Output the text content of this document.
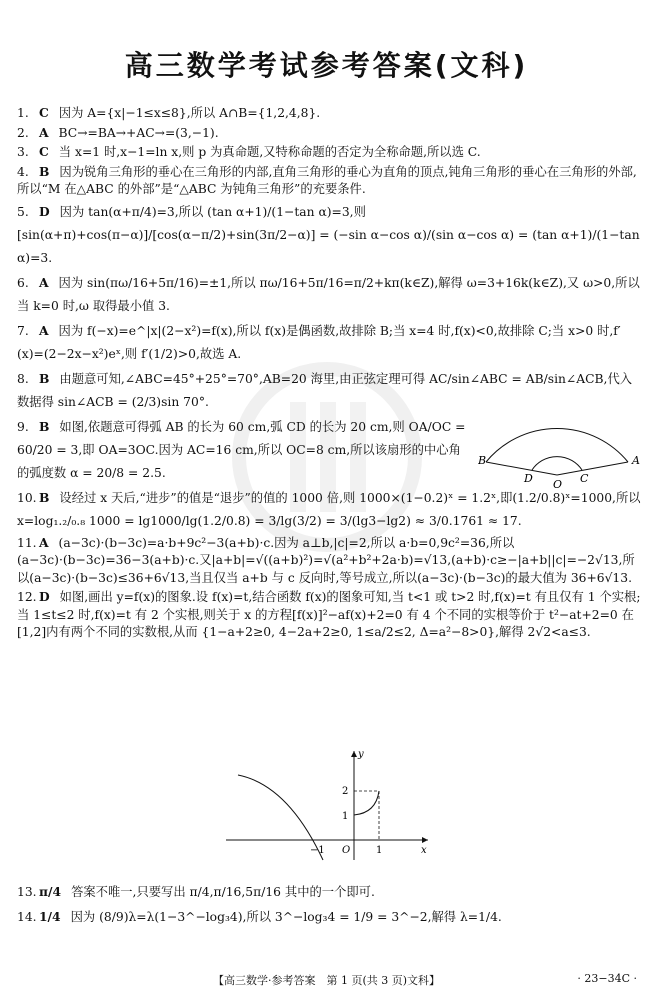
高三数学考试参考答案(文科)
1. C 因为 A={x|−1≤x≤8},所以 A∩B={1,2,4,8}.
2. A BC→=BA→+AC→=(3,−1).
3. C 当 x=1 时,x−1=ln x,则 p 为真命题,又特称命题的否定为全称命题,所以选 C.
4. B 因为锐角三角形的垂心在三角形的内部,直角三角形的垂心为直角的顶点,钝角三角形的垂心在三角形的外部,所以“M 在△ABC 的外部”是“△ABC 为钝角三角形”的充要条件.
5. D 因为 tan(α+π/4)=3,所以 (tan α+1)/(1−tan α)=3,则 [sin(α+π)+cos(π−α)]/[cos(α−π/2)+sin(3π/2−α)] = (−sin α−cos α)/(sin α−cos α) = (tan α+1)/(1−tan α)=3.
6. A 因为 sin(πω/16+5π/16)=±1,所以 πω/16+5π/16=π/2+kπ(k∈Z),解得 ω=3+16k(k∈Z),又 ω>0,所以当 k=0 时,ω 取得最小值 3.
7. A 因为 f(−x)=e^|x|(2−x²)=f(x),所以 f(x)是偶函数,故排除 B;当 x=4 时,f(x)<0,故排除 C;当 x>0 时,f′(x)=(2−2x−x²)eˣ,则 f′(1/2)>0,故选 A.
8. B 由题意可知,∠ABC=45°+25°=70°,AB=20 海里,由正弦定理可得 AC/sin∠ABC = AB/sin∠ACB,代入数据得 sin∠ACB = (2/3)sin 70°.
9. B 如图,依题意可得弧 AB 的长为 60 cm,弧 CD 的长为 20 cm,则 OA/OC = 60/20 = 3,即 OA=3OC.因为 AC=16 cm,所以 OC=8 cm,所以该扇形的中心角的弧度数 α = 20/8 = 2.5.
10. B 设经过 x 天后,“进步”的值是“退步”的值的 1000 倍,则 1000×(1−0.2)ˣ = 1.2ˣ,即(1.2/0.8)ˣ=1000,所以 x=log₁.₂/₀.₈ 1000 = lg1000/lg(1.2/0.8) = 3/lg(3/2) = 3/(lg3−lg2) ≈ 3/0.1761 ≈ 17.
11. A (a−3c)·(b−3c)=a·b+9c²−3(a+b)·c.因为 a⊥b,|c|=2,所以 a·b=0,9c²=36,所以(a−3c)·(b−3c)=36−3(a+b)·c.又|a+b|=√((a+b)²)=√(a²+b²+2a·b)=√13,(a+b)·c≥−|a+b||c|=−2√13,所以(a−3c)·(b−3c)≤36+6√13,当且仅当 a+b 与 c 反向时,等号成立,所以(a−3c)·(b−3c)的最大值为 36+6√13.
12. D 如图,画出 y=f(x)的图象.设 f(x)=t,结合函数 f(x)的图象可知,当 t<1 或 t>2 时,f(x)=t 有且仅有 1 个实根;当 1≤t≤2 时,f(x)=t 有 2 个实根,则关于 x 的方程[f(x)]²−af(x)+2=0 有 4 个不同的实根等价于 t²−at+2=0 在[1,2]内有两个不同的实数根,从而 {1−a+2≥0, 4−2a+2≥0, 1≤a/2≤2, Δ=a²−8>0},解得 2√2<a≤3.
B
D O C
A
y
2
1
−1 O	1	x
13. π/4 答案不唯一,只要写出 π/4,π/16,5π/16 其中的一个即可.
14. 1/4 因为 (8/9)λ=λ(1−3^−log₃4),所以 3^−log₃4 = 1/9 = 3^−2,解得 λ=1/4.
【高三数学·参考答案　第 1 页(共 3 页)文科】	· 23−34C ·
